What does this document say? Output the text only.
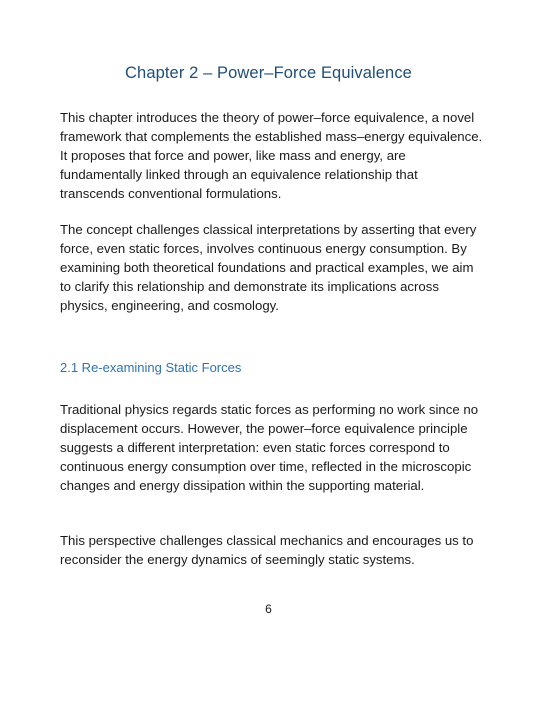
Chapter 2 – Power–Force Equivalence

This chapter introduces the theory of power–force equivalence, a novel framework that complements the established mass–energy equivalence. It proposes that force and power, like mass and energy, are fundamentally linked through an equivalence relationship that transcends conventional formulations.

The concept challenges classical interpretations by asserting that every force, even static forces, involves continuous energy consumption. By examining both theoretical foundations and practical examples, we aim to clarify this relationship and demonstrate its implications across physics, engineering, and cosmology.

2.1 Re-examining Static Forces

Traditional physics regards static forces as performing no work since no displacement occurs. However, the power–force equivalence principle suggests a different interpretation: even static forces correspond to continuous energy consumption over time, reflected in the microscopic changes and energy dissipation within the supporting material.

This perspective challenges classical mechanics and encourages us to reconsider the energy dynamics of seemingly static systems.

6
